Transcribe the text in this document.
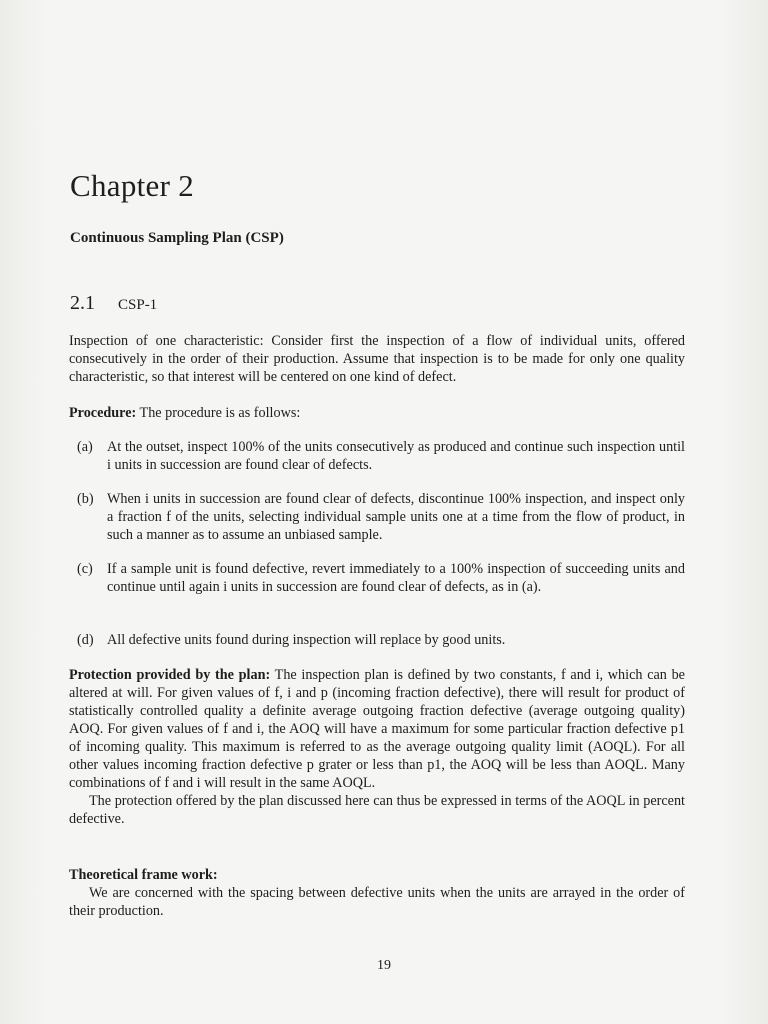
Chapter 2
Continuous Sampling Plan (CSP)
2.1 CSP-1

Inspection of one characteristic: Consider first the inspection of a flow of individual units, offered consecutively in the order of their production. Assume that inspection is to be made for only one quality characteristic, so that interest will be centered on one kind of defect.

Procedure: The procedure is as follows:

(a) At the outset, inspect 100% of the units consecutively as produced and continue such inspection until i units in succession are found clear of defects.

(b) When i units in succession are found clear of defects, discontinue 100% inspection, and inspect only a fraction f of the units, selecting individual sample units one at a time from the flow of product, in such a manner as to assume an unbiased sample.

(c) If a sample unit is found defective, revert immediately to a 100% inspection of succeeding units and continue until again i units in succession are found clear of defects, as in (a).

(d) All defective units found during inspection will replace by good units.

Protection provided by the plan: The inspection plan is defined by two constants, f and i, which can be altered at will. For given values of f, i and p (incoming fraction defective), there will result for product of statistically controlled quality a definite average outgoing fraction defective (average outgoing quality) AOQ. For given values of f and i, the AOQ will have a maximum for some particular fraction defective p1 of incoming quality. This maximum is referred to as the average outgoing quality limit (AOQL). For all other values incoming fraction defective p grater or less than p1, the AOQ will be less than AOQL. Many combinations of f and i will result in the same AOQL.

The protection offered by the plan discussed here can thus be expressed in terms of the AOQL in percent defective.

Theoretical frame work:

We are concerned with the spacing between defective units when the units are arrayed in the order of their production.

19
